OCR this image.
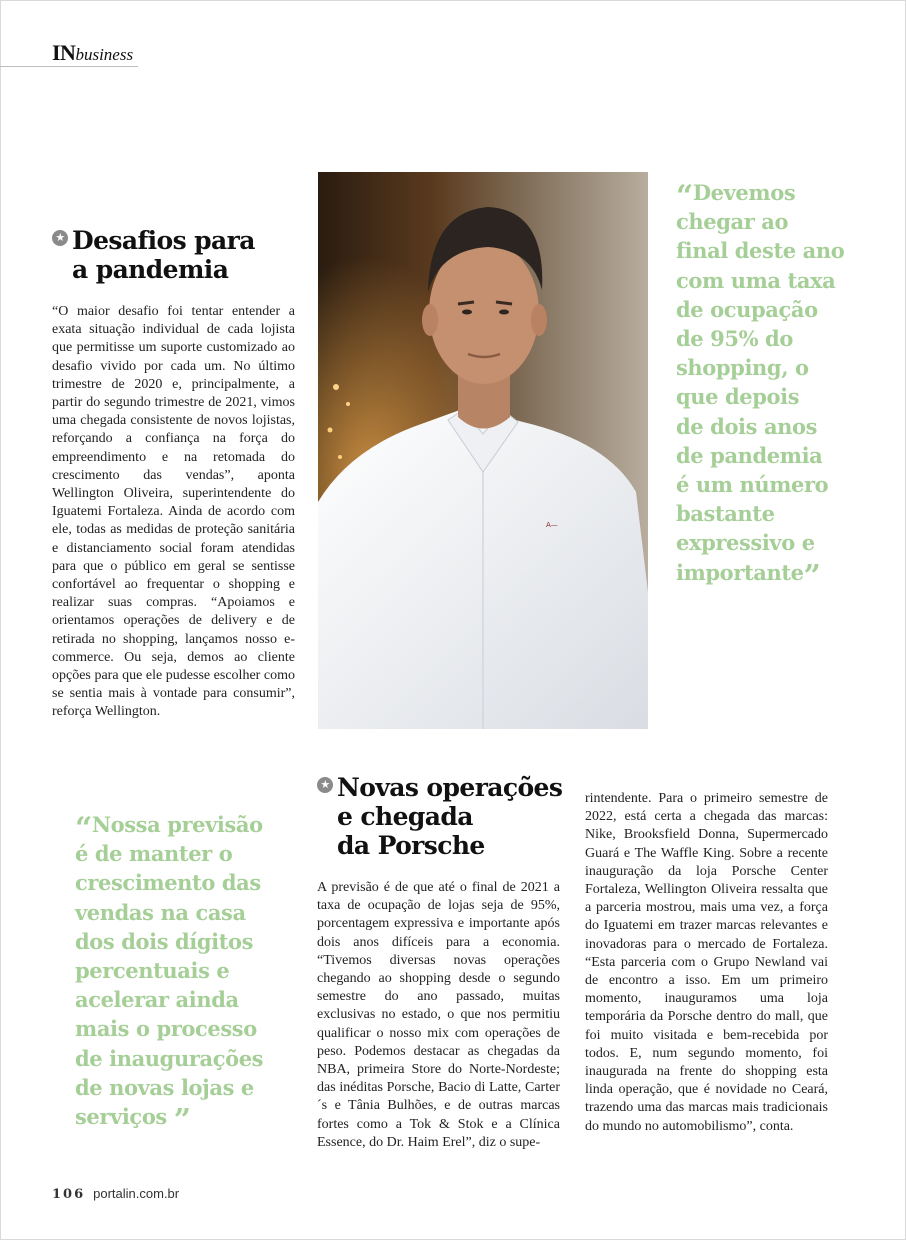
INbusiness
★ Desafios para
a pandemia

“O maior desafio foi tentar entender a exata situação individual de cada lojista que permitisse um suporte customizado ao desafio vivido por cada um. No último trimestre de 2020 e, principalmente, a partir do segundo trimestre de 2021, vimos uma chegada consistente de novos lojistas, reforçando a confiança na força do empreendimento e na retomada do crescimento das vendas”, aponta Wellington Oliveira, superintendente do Iguatemi Fortaleza. Ainda de acordo com ele, todas as medidas de proteção sanitária e distanciamento social foram atendidas para que o público em geral se sentisse confortável ao frequentar o shopping e realizar suas compras. “Apoiamos e orientamos operações de delivery e de retirada no shopping, lançamos nosso e-commerce. Ou seja, demos ao cliente opções para que ele pudesse escolher como se sentia mais à vontade para consumir”, reforça Wellington.

A—
“Devemos
chegar ao
final deste ano
com uma taxa
de ocupação
de 95% do
shopping, o
que depois
de dois anos
de pandemia
é um número
bastante
expressivo e
importante”
“Nossa previsão
é de manter o
crescimento das
vendas na casa
dos dois dígitos
percentuais e
acelerar ainda
mais o processo
de inaugurações
de novas lojas e
serviços ”
★ Novas operações
e chegada
da Porsche

A previsão é de que até o final de 2021 a taxa de ocupação de lojas seja de 95%, porcentagem expressiva e importante após dois anos difíceis para a economia. “Tivemos diversas novas operações chegando ao shopping desde o segundo semestre do ano passado, muitas exclusivas no estado, o que nos permitiu qualificar o nosso mix com operações de peso. Podemos destacar as chegadas da NBA, primeira Store do Norte-Nordeste; das inéditas Porsche, Bacio di Latte, Carter´s e Tânia Bulhões, e de outras marcas fortes como a Tok & Stok e a Clínica Essence, do Dr. Haim Erel”, diz o supe-

rintendente. Para o primeiro semestre de 2022, está certa a chegada das marcas: Nike, Brooksfield Donna, Supermercado Guará e The Waffle King. Sobre a recente inauguração da loja Porsche Center Fortaleza, Wellington Oliveira ressalta que a parceria mostrou, mais uma vez, a força do Iguatemi em trazer marcas relevantes e inovadoras para o mercado de Fortaleza. “Esta parceria com o Grupo Newland vai de encontro a isso. Em um primeiro momento, inauguramos uma loja temporária da Porsche dentro do mall, que foi muito visitada e bem-recebida por todos. E, num segundo momento, foi inaugurada na frente do shopping esta linda operação, que é novidade no Ceará, trazendo uma das marcas mais tradicionais do mundo no automobilismo”, conta.

106 portalin.com.br
